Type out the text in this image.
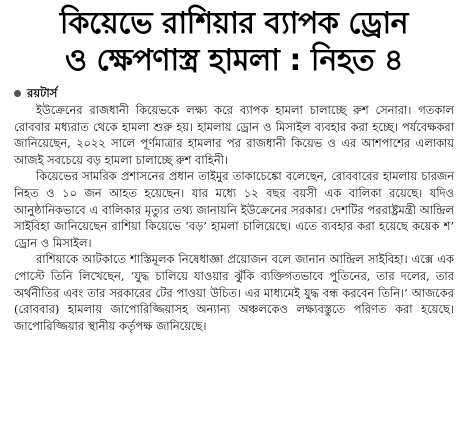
কিয়েভে রাশিয়ার ব্যাপক ড্রোন
ও ক্ষেপণাস্ত্র হামলা : নিহত ৪
রয়টার্স

ইউক্রেনের রাজধানী কিয়েভকে লক্ষ্য করে ব্যাপক হামলা চালাচ্ছে রুশ সেনারা। গতকাল রোববার মধ্যরাত থেকে হামলা শুরু হয়। হামলায় ড্রোন ও মিসাইল ব্যবহার করা হচ্ছে। পর্যবেক্ষকরা জানিয়েছেন, ২০২২ সালে পূর্ণমাত্রার হামলার পর রাজধানী কিয়েভ ও এর আশপাশের এলাকায় আজই সবচেয়ে বড় হামলা চালাচ্ছে রুশ বাহিনী।

কিয়েভের সামরিক প্রশাসনের প্রধান তাইমুর তাকাচেঙ্কো বলেছেন, রোববারের হামলায় চারজন নিহত ও ১০ জন আহত হয়েছেন। যার মধ্যে ১২ বছর বয়সী এক বালিকা রয়েছে। যদিও আনুষ্ঠানিকভাবে এ বালিকার মৃত্যুর তথ্য জানায়নি ইউক্রেনের সরকার। দেশটির পররাষ্ট্রমন্ত্রী আন্দ্রিল সাইবিহা জানিয়েছেন রাশিয়া কিয়েভে ‘বড়’ হামলা চালিয়েছে। এতে ব্যবহার করা হয়েছে কয়েক শ’ ড্রোন ও মিসাইল।

রাশিয়াকে আটকাতে শাস্তিমূলক নিষেধাজ্ঞা প্রয়োজন বলে জানান আন্দ্রিল সাইবিহা। এক্সে এক পোস্টে তিনি লিখেছেন, ‘যুদ্ধ চালিয়ে যাওয়ার ঝুঁকি ব্যক্তিগতভাবে পুতিনের, তার দলের, তার অর্থনীতির এবং তার সরকারের টের পাওয়া উচিত। এর মাধ্যমেই যুদ্ধ বন্ধ করবেন তিনি।’ আজকের (রোববার) হামলায় জাপোরিজ্জিয়াসহ অন্যান্য অঞ্চলকেও লক্ষ্যবস্তুতে পরিণত করা হয়েছে। জাপোরিজ্জিয়ার স্থানীয় কর্তৃপক্ষ জানিয়েছে।
